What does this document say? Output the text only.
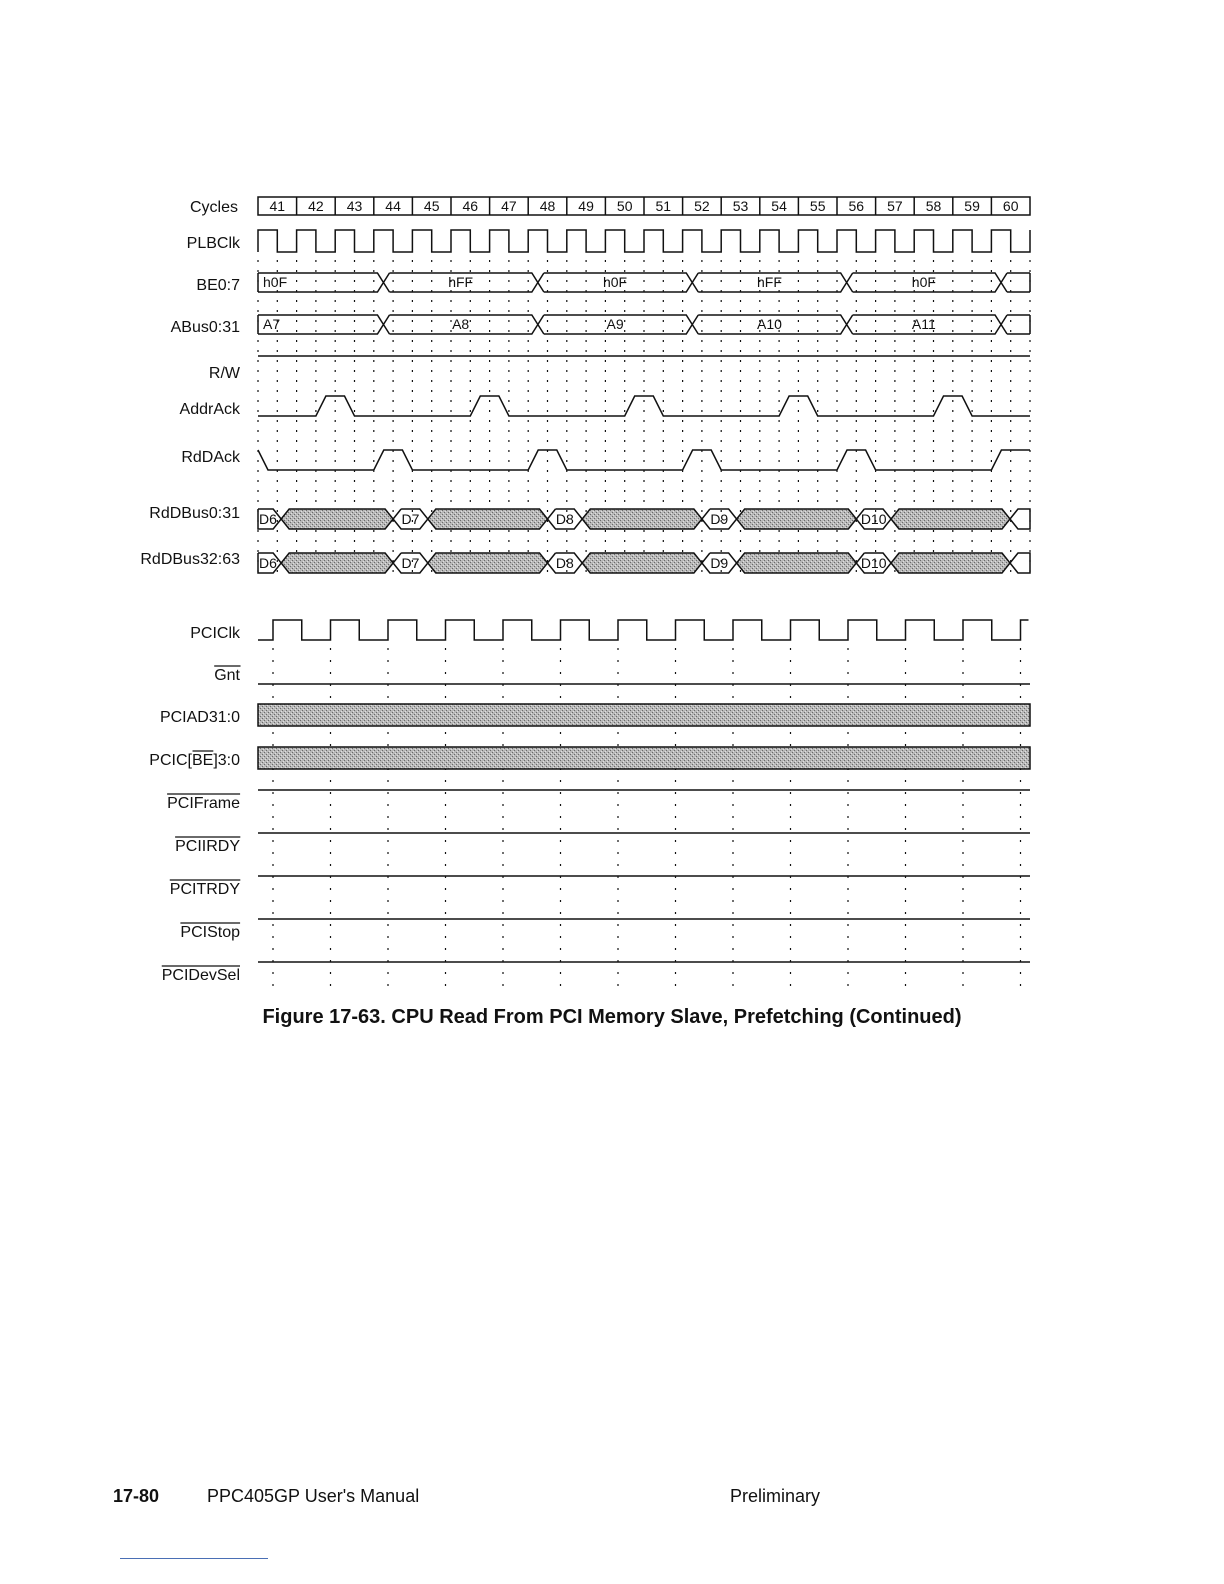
Cycles
PLBClk
BE0:7
ABus0:31
R/W
AddrAck
RdDAck
RdDBus0:31
RdDBus32:63
PCIClk
Gnt
PCIAD31:0
PCIC[BE]3:0
PCIFrame
PCIIRDY
PCITRDY
PCIStop
PCIDevSel
41 42 43 44 45 46 47 48 49 50 51 52 53 54 55 56 57 58 59 60
h0F	hFF	h0F	hFF	h0F
A7	A8	A9	A10	A11
D6	D7	D8	D9	D10
D6	D7	D8	D9	D10
Figure 17-63. CPU Read From PCI Memory Slave, Prefetching (Continued)
17-80	PPC405GP User's Manual	Preliminary
